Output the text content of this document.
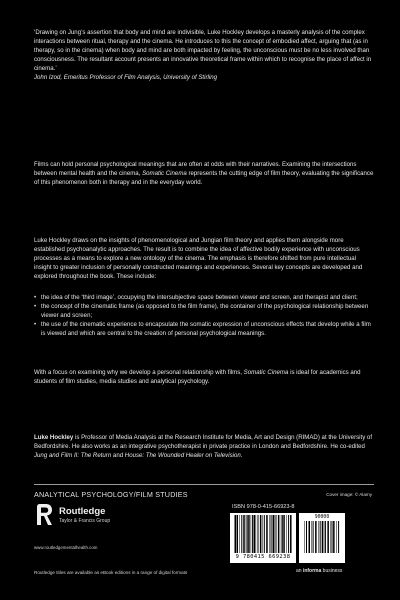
‘Drawing on Jung’s assertion that body and mind are indivisible, Luke Hockley develops a masterly analysis of the complex interactions between ritual, therapy and the cinema. He introduces to this the concept of embodied affect, arguing that (as in therapy, so in the cinema) when body and mind are both impacted by feeling, the unconscious must be no less involved than consciousness. The resultant account presents an innovative theoretical frame within which to recognise the place of affect in cinema.’
John Izod, Emeritus Professor of Film Analysis, University of Stirling

Films can hold personal psychological meanings that are often at odds with their narratives. Examining the intersections between mental health and the cinema, Somatic Cinema represents the cutting edge of film theory, evaluating the significance of this phenomenon both in therapy and in the everyday world.

Luke Hockley draws on the insights of phenomenological and Jungian film theory and applies them alongside more established psychoanalytic approaches. The result is to combine the idea of affective bodily experience with unconscious processes as a means to explore a new ontology of the cinema. The emphasis is therefore shifted from pure intellectual insight to greater inclusion of personally constructed meanings and experiences. Several key concepts are developed and explored throughout the book. These include:

• the idea of the ‘third image’, occupying the intersubjective space between viewer and screen, and therapist and client;
• the concept of the cinematic frame (as opposed to the film frame), the container of the psychological relationship between viewer and screen;
• the use of the cinematic experience to encapsulate the somatic expression of unconscious effects that develop while a film is viewed and which are central to the creation of personal psychological meanings.

With a focus on examining why we develop a personal relationship with films, Somatic Cinema is ideal for academics and students of film studies, media studies and analytical psychology.

Luke Hockley is Professor of Media Analysis at the Research Institute for Media, Art and Design (RIMAD) at the University of Bedfordshire. He also works as an integrative psychotherapist in private practice in London and Bedfordshire. He co-edited Jung and Film II: The Return and House: The Wounded Healer on Television.

ANALYTICAL PSYCHOLOGY/FILM STUDIES	Cover image: © Alamy
Routledge
Taylor & Francis Group
www.routledgementalhealth.com
Routledge titles are available as eBook editions in a range of digital formats
ISBN 978-0-415-66923-8
9 780415 669238
90000
an informa business
